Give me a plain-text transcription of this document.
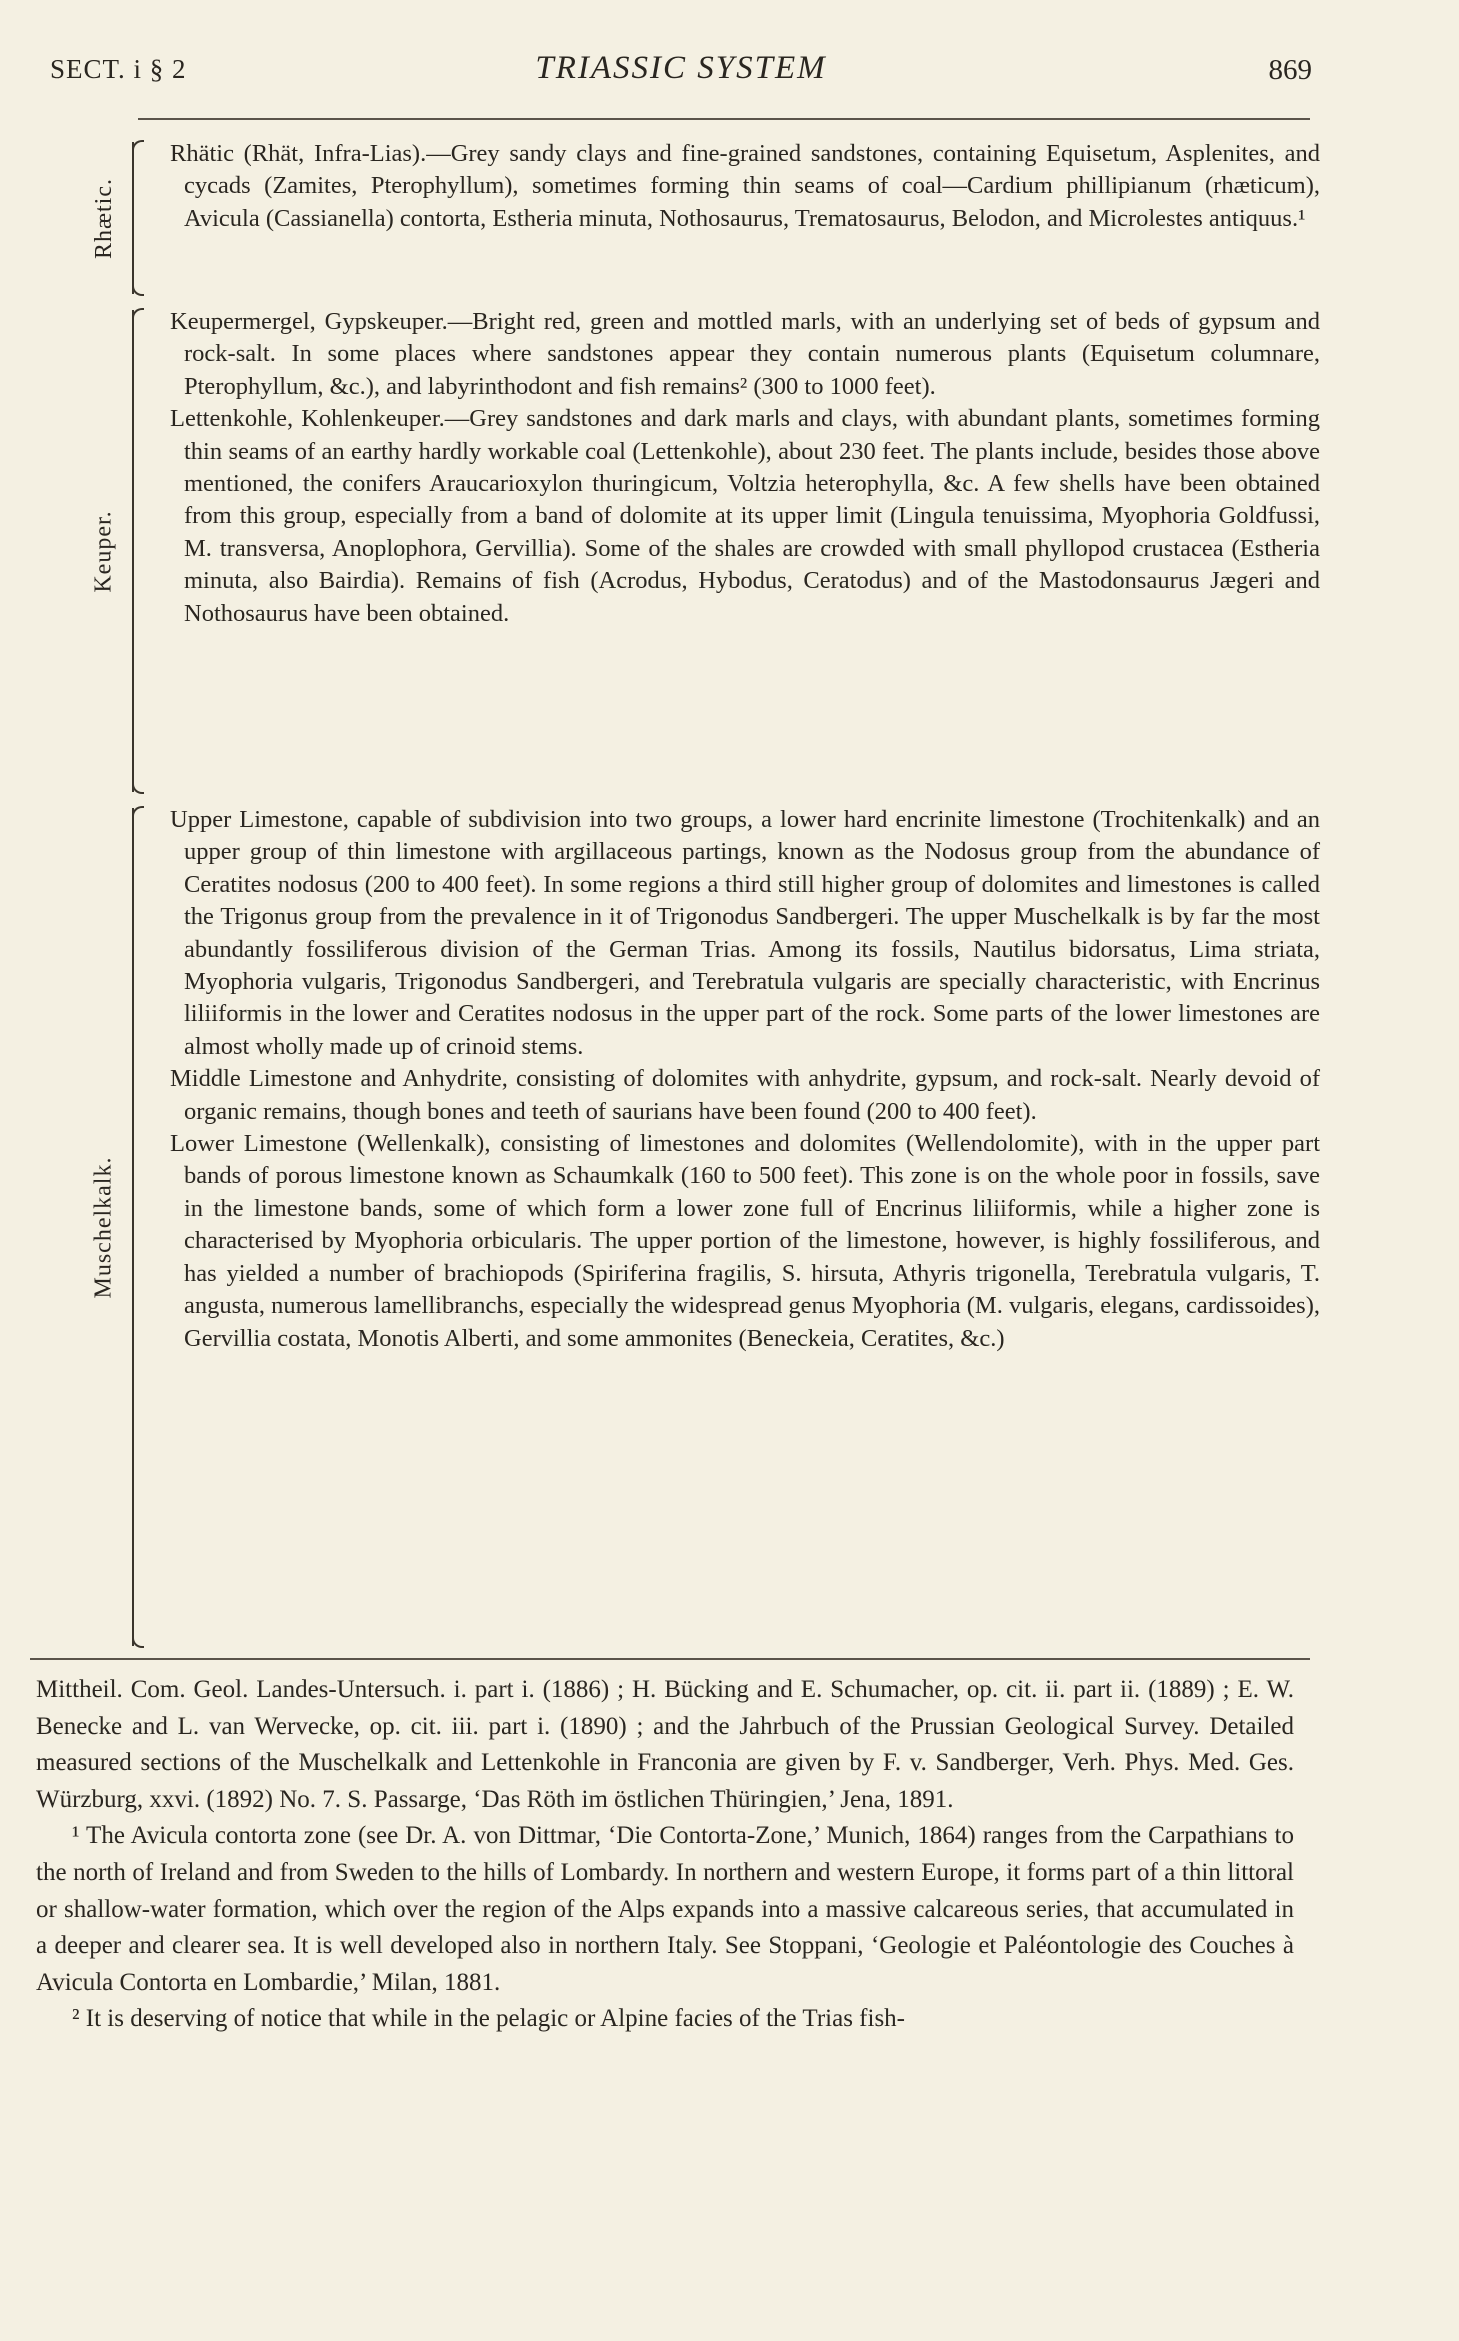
SECT. i § 2	TRIASSIC SYSTEM	869
Rhætic.

Rhätic (Rhät, Infra-Lias).—Grey sandy clays and fine-grained sandstones, containing Equisetum, Asplenites, and cycads (Zamites, Pterophyllum), sometimes forming thin seams of coal—Cardium phillipianum (rhæticum), Avicula (Cassianella) contorta, Estheria minuta, Nothosaurus, Trematosaurus, Belodon, and Microlestes antiquus.¹

Keuper.

Keupermergel, Gypskeuper.—Bright red, green and mottled marls, with an underlying set of beds of gypsum and rock-salt. In some places where sandstones appear they contain numerous plants (Equisetum columnare, Pterophyllum, &c.), and labyrinthodont and fish remains² (300 to 1000 feet).

Lettenkohle, Kohlenkeuper.—Grey sandstones and dark marls and clays, with abundant plants, sometimes forming thin seams of an earthy hardly workable coal (Lettenkohle), about 230 feet. The plants include, besides those above mentioned, the conifers Araucarioxylon thuringicum, Voltzia heterophylla, &c. A few shells have been obtained from this group, especially from a band of dolomite at its upper limit (Lingula tenuissima, Myophoria Goldfussi, M. transversa, Anoplophora, Gervillia). Some of the shales are crowded with small phyllopod crustacea (Estheria minuta, also Bairdia). Remains of fish (Acrodus, Hybodus, Ceratodus) and of the Mastodonsaurus Jægeri and Nothosaurus have been obtained.

Muschelkalk.

Upper Limestone, capable of subdivision into two groups, a lower hard encrinite limestone (Trochitenkalk) and an upper group of thin limestone with argillaceous partings, known as the Nodosus group from the abundance of Ceratites nodosus (200 to 400 feet). In some regions a third still higher group of dolomites and limestones is called the Trigonus group from the prevalence in it of Trigonodus Sandbergeri. The upper Muschelkalk is by far the most abundantly fossiliferous division of the German Trias. Among its fossils, Nautilus bidorsatus, Lima striata, Myophoria vulgaris, Trigonodus Sandbergeri, and Terebratula vulgaris are specially characteristic, with Encrinus liliiformis in the lower and Ceratites nodosus in the upper part of the rock. Some parts of the lower limestones are almost wholly made up of crinoid stems.

Middle Limestone and Anhydrite, consisting of dolomites with anhydrite, gypsum, and rock-salt. Nearly devoid of organic remains, though bones and teeth of saurians have been found (200 to 400 feet).

Lower Limestone (Wellenkalk), consisting of limestones and dolomites (Wellendolomite), with in the upper part bands of porous limestone known as Schaumkalk (160 to 500 feet). This zone is on the whole poor in fossils, save in the limestone bands, some of which form a lower zone full of Encrinus liliiformis, while a higher zone is characterised by Myophoria orbicularis. The upper portion of the limestone, however, is highly fossiliferous, and has yielded a number of brachiopods (Spiriferina fragilis, S. hirsuta, Athyris trigonella, Terebratula vulgaris, T. angusta, numerous lamellibranchs, especially the widespread genus Myophoria (M. vulgaris, elegans, cardissoides), Gervillia costata, Monotis Alberti, and some ammonites (Beneckeia, Ceratites, &c.)

Mittheil. Com. Geol. Landes-Untersuch. i. part i. (1886) ; H. Bücking and E. Schumacher, op. cit. ii. part ii. (1889) ; E. W. Benecke and L. van Wervecke, op. cit. iii. part i. (1890) ; and the Jahrbuch of the Prussian Geological Survey. Detailed measured sections of the Muschelkalk and Lettenkohle in Franconia are given by F. v. Sandberger, Verh. Phys. Med. Ges. Würzburg, xxvi. (1892) No. 7. S. Passarge, ‘Das Röth im östlichen Thüringien,’ Jena, 1891.

¹ The Avicula contorta zone (see Dr. A. von Dittmar, ‘Die Contorta-Zone,’ Munich, 1864) ranges from the Carpathians to the north of Ireland and from Sweden to the hills of Lombardy. In northern and western Europe, it forms part of a thin littoral or shallow-water formation, which over the region of the Alps expands into a massive calcareous series, that accumulated in a deeper and clearer sea. It is well developed also in northern Italy. See Stoppani, ‘Geologie et Paléontologie des Couches à Avicula Contorta en Lombardie,’ Milan, 1881.

² It is deserving of notice that while in the pelagic or Alpine facies of the Trias fish-
